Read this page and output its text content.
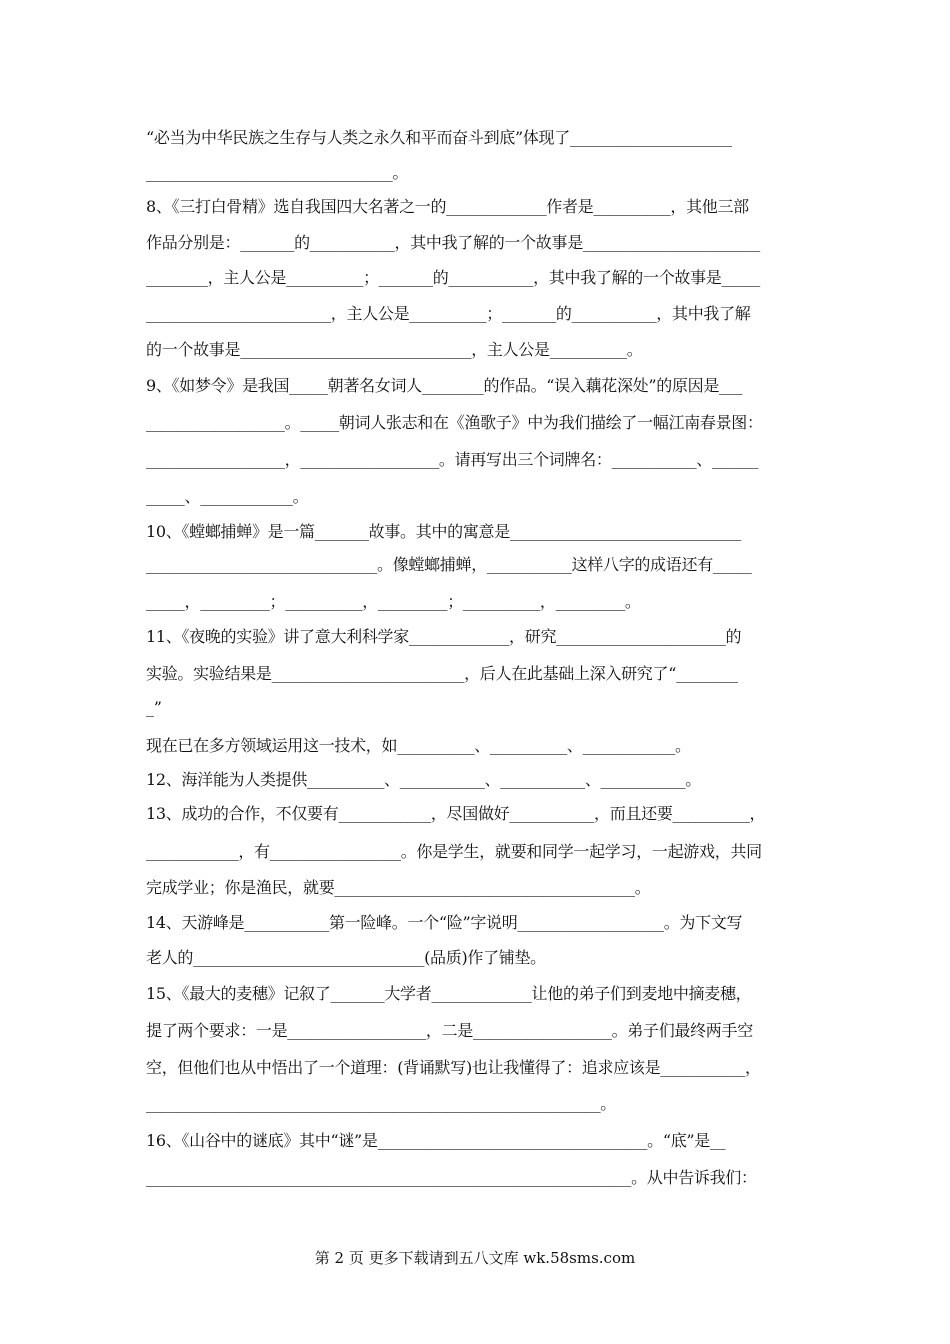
“必当为中华民族之生存与人类之永久和平而奋斗到底”体现了_____________________
________________________________。
8、《三打白骨精》选自我国四大名著之一的_____________作者是__________，其他三部
作品分别是：_______的___________，其中我了解的一个故事是_______________________
________，主人公是__________；_______的___________，其中我了解的一个故事是_____
________________________，主人公是__________；_______的___________，其中我了解
的一个故事是______________________________，主人公是__________。
9、《如梦令》是我国_____朝著名女词人________的作品。“误入藕花深处”的原因是___
__________________。_____朝词人张志和在《渔歌子》中为我们描绘了一幅江南春景图：
__________________，__________________。请再写出三个词牌名：___________、______
_____、____________。
10、《螳螂捕蝉》是一篇_______故事。其中的寓意是______________________________
______________________________。像螳螂捕蝉，___________这样八字的成语还有_____
_____，_________；__________，_________；__________，_________。
11、《夜晚的实验》讲了意大利科学家_____________，研究______________________的
实验。实验结果是_________________________，后人在此基础上深入研究了“________
_”
现在已在多方领域运用这一技术，如__________、__________、____________。
12、海洋能为人类提供__________、___________、___________、___________。
13、成功的合作，不仅要有____________，尽国做好___________，而且还要__________，
____________，有_________________。你是学生，就要和同学一起学习，一起游戏，共同
完成学业；你是渔民，就要_______________________________________。
14、天游峰是___________第一险峰。一个“险”字说明___________________。为下文写
老人的______________________________(品质)作了铺垫。
15、《最大的麦穗》记叙了_______大学者_____________让他的弟子们到麦地中摘麦穗，
提了两个要求：一是__________________，二是__________________。弟子们最终两手空
空，但他们也从中悟出了一个道理：(背诵默写)也让我懂得了：追求应该是___________，
___________________________________________________________。
16、《山谷中的谜底》其中“谜”是___________________________________。“底”是__
_______________________________________________________________。从中告诉我们：
第 2 页 更多下载请到五八文库 wk.58sms.com
